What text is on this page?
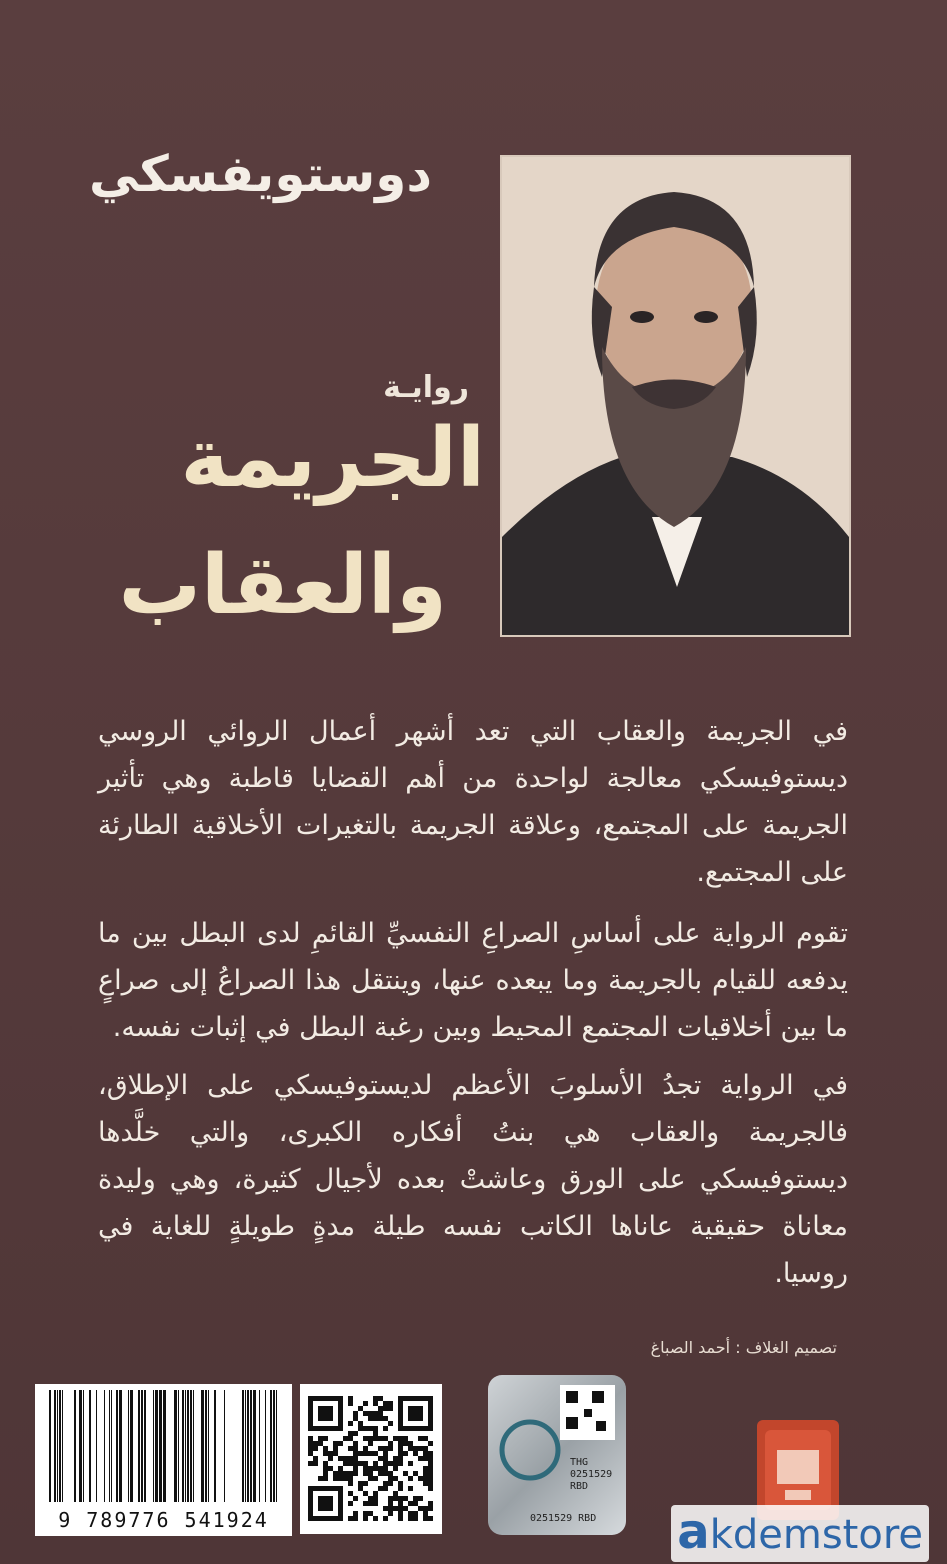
دوستويفسكي
روايـة
الجريمة
والعقاب
في الجريمة والعقاب التي تعد أشهر أعمال الروائي الروسي ديستوفيسكي معالجة لواحدة من أهم القضايا قاطبة وهي تأثير الجريمة على المجتمع، وعلاقة الجريمة بالتغيرات الأخلاقية الطارئة على المجتمع.
تقوم الرواية على أساسِ الصراعِ النفسيِّ القائمِ لدى البطل بين ما يدفعه للقيام بالجريمة وما يبعده عنها، وينتقل هذا الصراعُ إلى صراعٍ ما بين أخلاقيات المجتمع المحيط وبين رغبة البطل في إثبات نفسه.
في الرواية تجدُ الأسلوبَ الأعظم لديستوفيسكي على الإطلاق، فالجريمة والعقاب هي بنتُ أفكاره الكبرى، والتي خلَّدها ديستوفيسكي على الورق وعاشتْ بعده لأجيال كثيرة، وهي وليدة معاناة حقيقية عاناها الكاتب نفسه طيلة مدةٍ طويلةٍ للغاية في روسيا.
تصميم الغلاف : أحمد الصباغ
9 789776 541924
THG
0251529
RBD
0251529 RBD akdemstore
